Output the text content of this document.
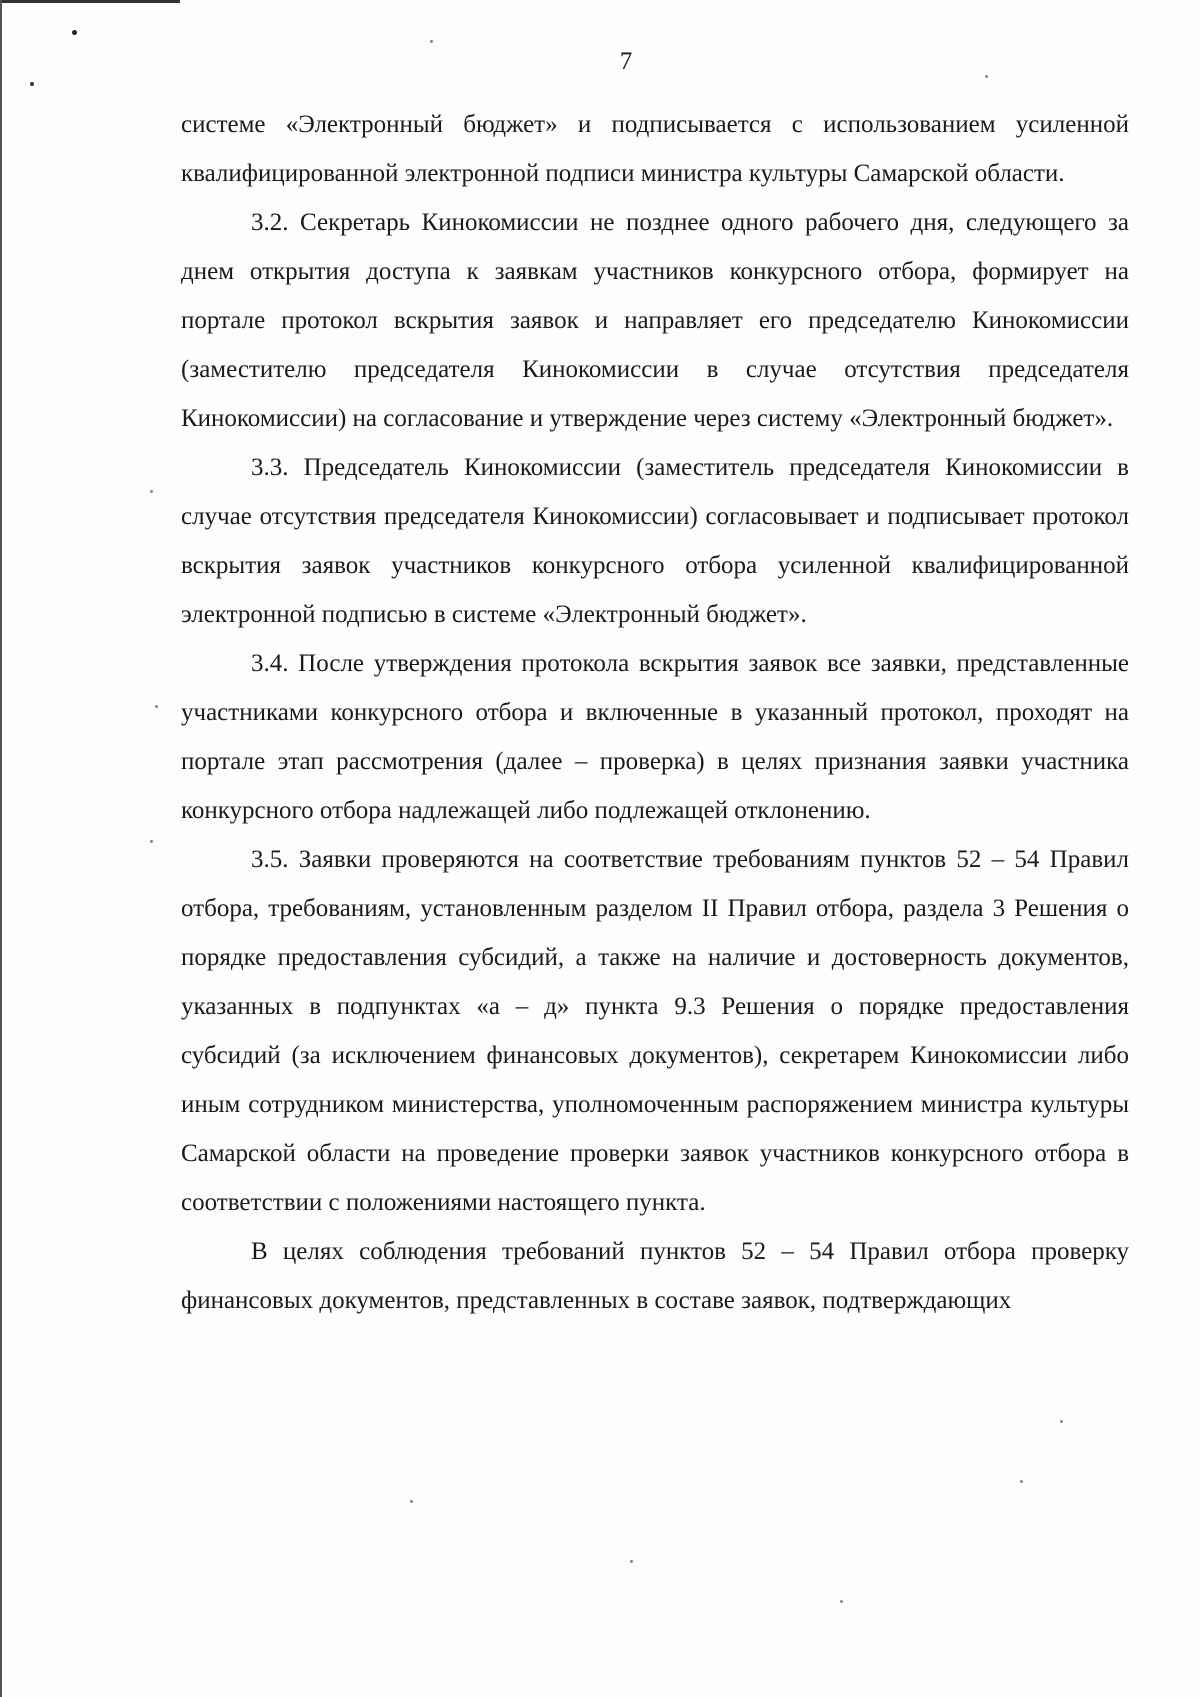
7

системе «Электронный бюджет» и подписывается с использованием усиленной квалифицированной электронной подписи министра культуры Самарской области.

3.2. Секретарь Кинокомиссии не позднее одного рабочего дня, следующего за днем открытия доступа к заявкам участников конкурсного отбора, формирует на портале протокол вскрытия заявок и направляет его председателю Кинокомиссии (заместителю председателя Кинокомиссии в случае отсутствия председателя Кинокомиссии) на согласование и утверждение через систему «Электронный бюджет».

3.3. Председатель Кинокомиссии (заместитель председателя Кинокомиссии в случае отсутствия председателя Кинокомиссии) согласовывает и подписывает протокол вскрытия заявок участников конкурсного отбора усиленной квалифицированной электронной подписью в системе «Электронный бюджет».

3.4. После утверждения протокола вскрытия заявок все заявки, представленные участниками конкурсного отбора и включенные в указанный протокол, проходят на портале этап рассмотрения (далее – проверка) в целях признания заявки участника конкурсного отбора надлежащей либо подлежащей отклонению.

3.5. Заявки проверяются на соответствие требованиям пунктов 52 – 54 Правил отбора, требованиям, установленным разделом II Правил отбора, раздела 3 Решения о порядке предоставления субсидий, а также на наличие и достоверность документов, указанных в подпунктах «а – д» пункта 9.3 Решения о порядке предоставления субсидий (за исключением финансовых документов), секретарем Кинокомиссии либо иным сотрудником министерства, уполномоченным распоряжением министра культуры Самарской области на проведение проверки заявок участников конкурсного отбора в соответствии с положениями настоящего пункта.

В целях соблюдения требований пунктов 52 – 54 Правил отбора проверку финансовых документов, представленных в составе заявок, подтверждающих
